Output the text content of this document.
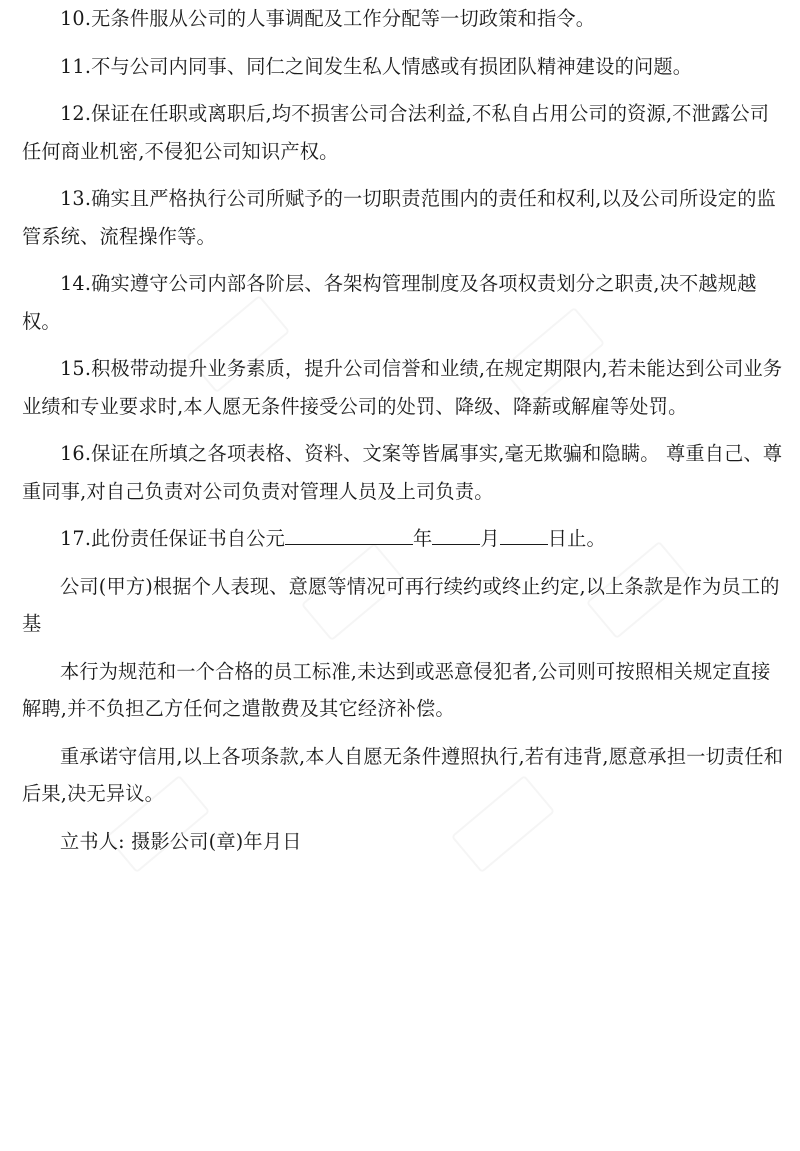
10.无条件服从公司的人事调配及工作分配等一切政策和指令。

11.不与公司内同事、同仁之间发生私人情感或有损团队精神建设的问题。

12.保证在任职或离职后,均不损害公司合法利益,不私自占用公司的资源,不泄露公司任何商业机密,不侵犯公司知识产权。

13.确实且严格执行公司所赋予的一切职责范围内的责任和权利,以及公司所设定的监管系统、流程操作等。

14.确实遵守公司内部各阶层、各架构管理制度及各项权责划分之职责,决不越规越权。

15.积极带动提升业务素质，提升公司信誉和业绩,在规定期限内,若未能达到公司业务业绩和专业要求时,本人愿无条件接受公司的处罚、降级、降薪或解雇等处罚。

16.保证在所填之各项表格、资料、文案等皆属事实,毫无欺骗和隐瞒。 尊重自己、尊重同事,对自己负责对公司负责对管理人员及上司负责。

17.此份责任保证书自公元	年	月	日止。

公司(甲方)根据个人表现、意愿等情况可再行续约或终止约定,以上条款是作为员工的基

本行为规范和一个合格的员工标准,未达到或恶意侵犯者,公司则可按照相关规定直接解聘,并不负担乙方任何之遣散费及其它经济补偿。

重承诺守信用,以上各项条款,本人自愿无条件遵照执行,若有违背,愿意承担一切责任和后果,决无异议。

立书人: 摄影公司(章)年月日
